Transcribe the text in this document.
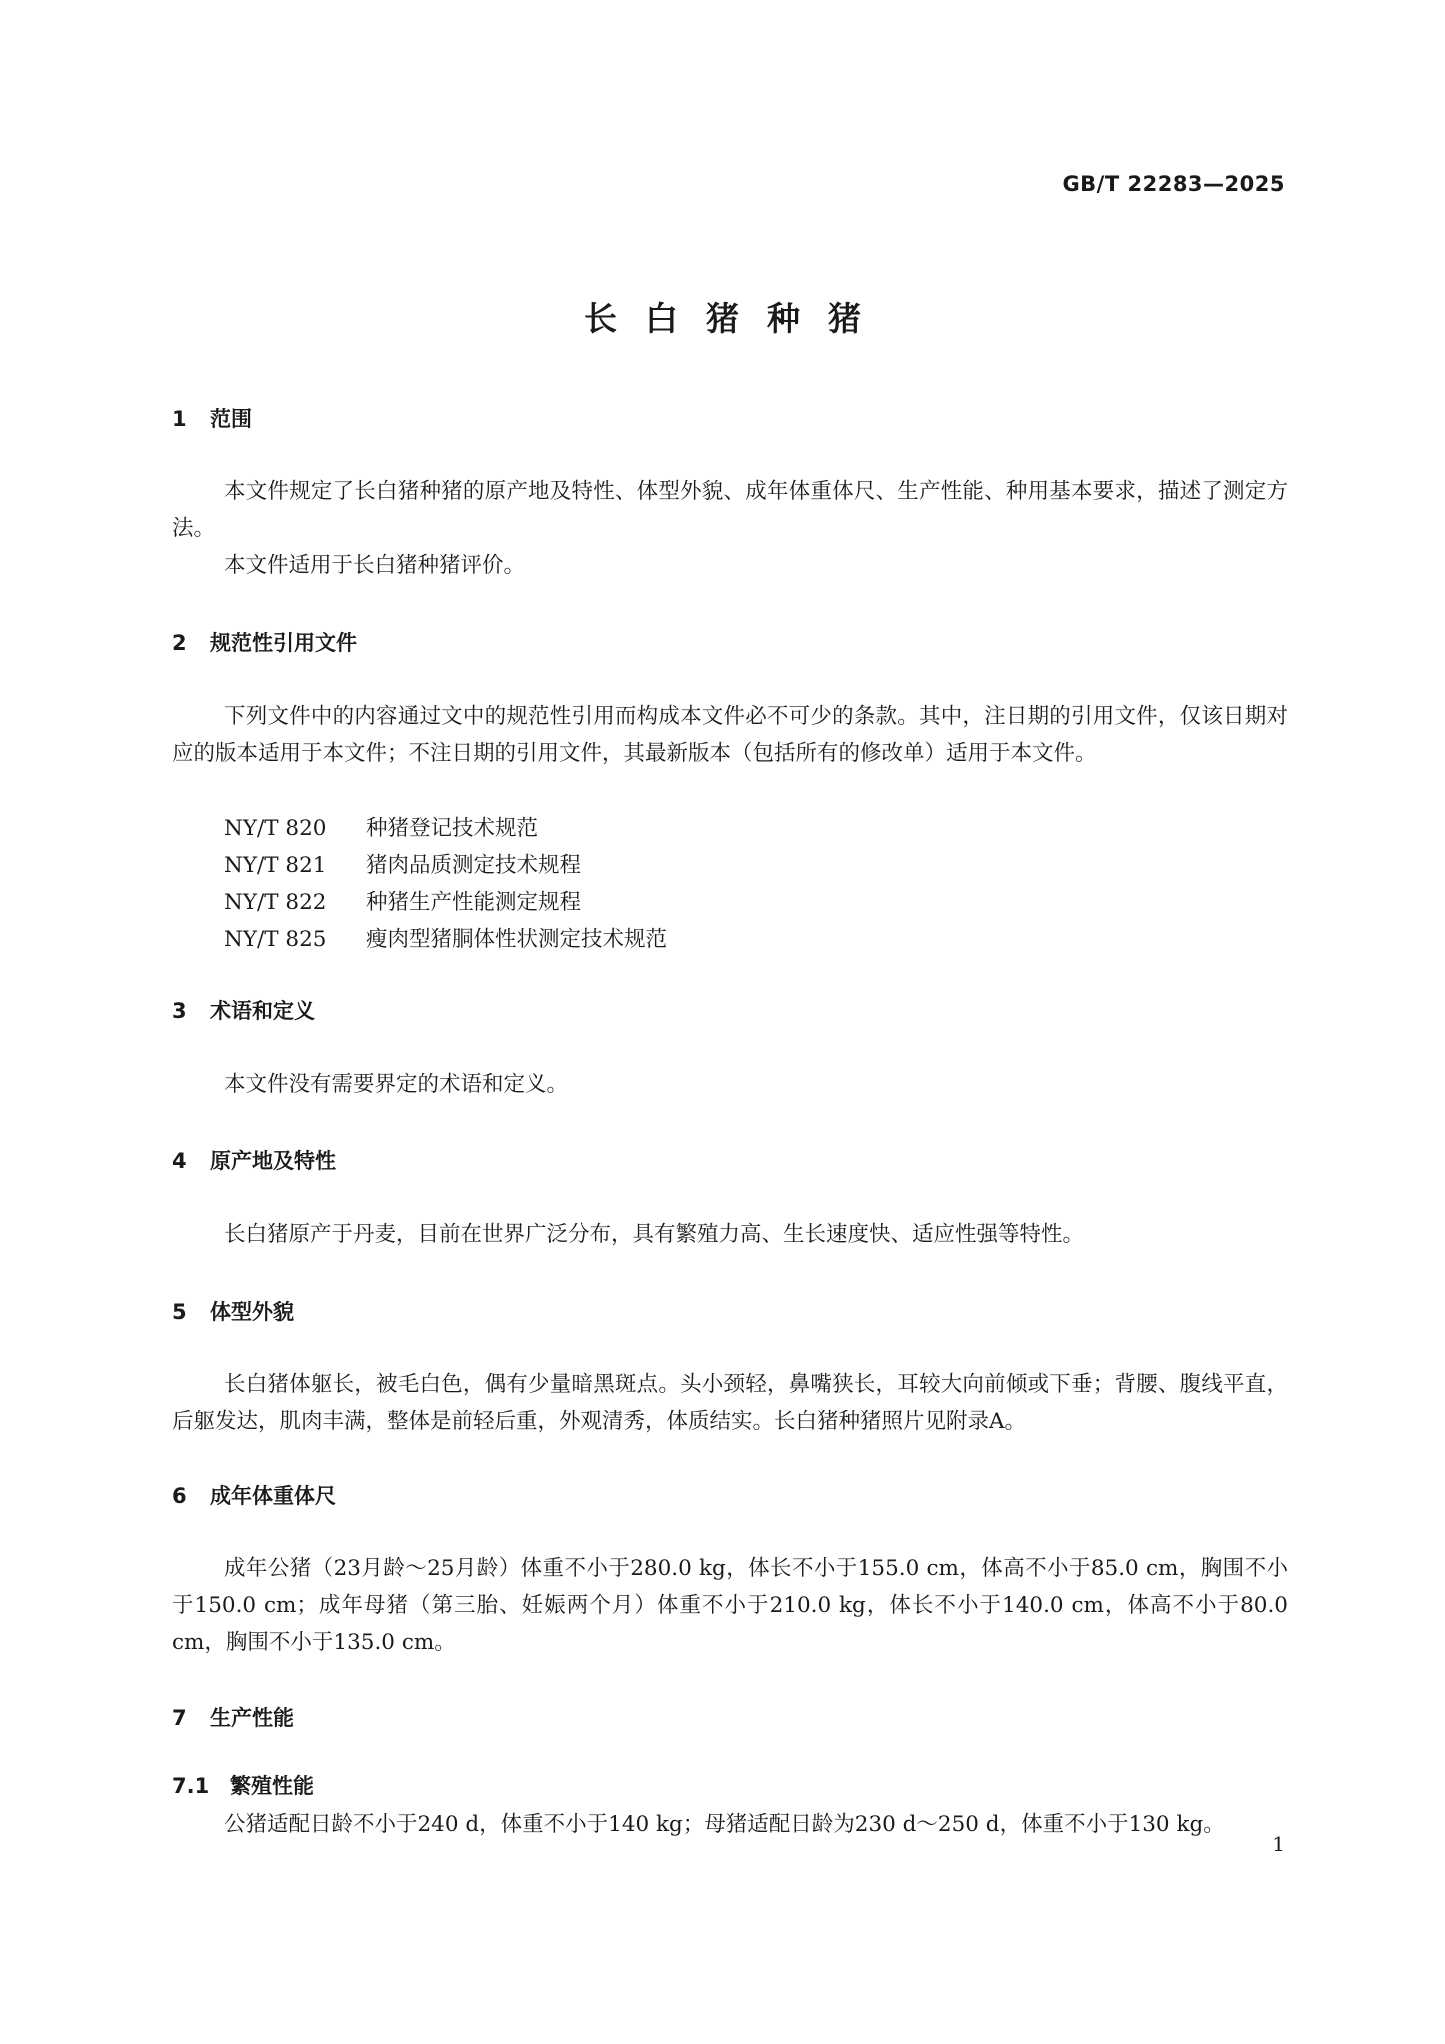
GB/T 22283—2025
长白猪种猪
1 范围
本文件规定了长白猪种猪的原产地及特性、体型外貌、成年体重体尺、生产性能、种用基本要求，描述了测定方法。
本文件适用于长白猪种猪评价。
2 规范性引用文件
下列文件中的内容通过文中的规范性引用而构成本文件必不可少的条款。其中，注日期的引用文件，仅该日期对应的版本适用于本文件；不注日期的引用文件，其最新版本（包括所有的修改单）适用于本文件。
NY/T 820 种猪登记技术规范
NY/T 821 猪肉品质测定技术规程
NY/T 822 种猪生产性能测定规程
NY/T 825 瘦肉型猪胴体性状测定技术规范
3 术语和定义
本文件没有需要界定的术语和定义。
4 原产地及特性
长白猪原产于丹麦，目前在世界广泛分布，具有繁殖力高、生长速度快、适应性强等特性。
5 体型外貌
长白猪体躯长，被毛白色，偶有少量暗黑斑点。头小颈轻，鼻嘴狭长，耳较大向前倾或下垂；背腰、腹线平直，后躯发达，肌肉丰满，整体是前轻后重，外观清秀，体质结实。长白猪种猪照片见附录A。
6 成年体重体尺
成年公猪（23月龄～25月龄）体重不小于280.0 kg，体长不小于155.0 cm，体高不小于85.0 cm，胸围不小于150.0 cm；成年母猪（第三胎、妊娠两个月）体重不小于210.0 kg，体长不小于140.0 cm，体高不小于80.0 cm，胸围不小于135.0 cm。
7 生产性能
7.1 繁殖性能
公猪适配日龄不小于240 d，体重不小于140 kg；母猪适配日龄为230 d～250 d，体重不小于130 kg。
1
